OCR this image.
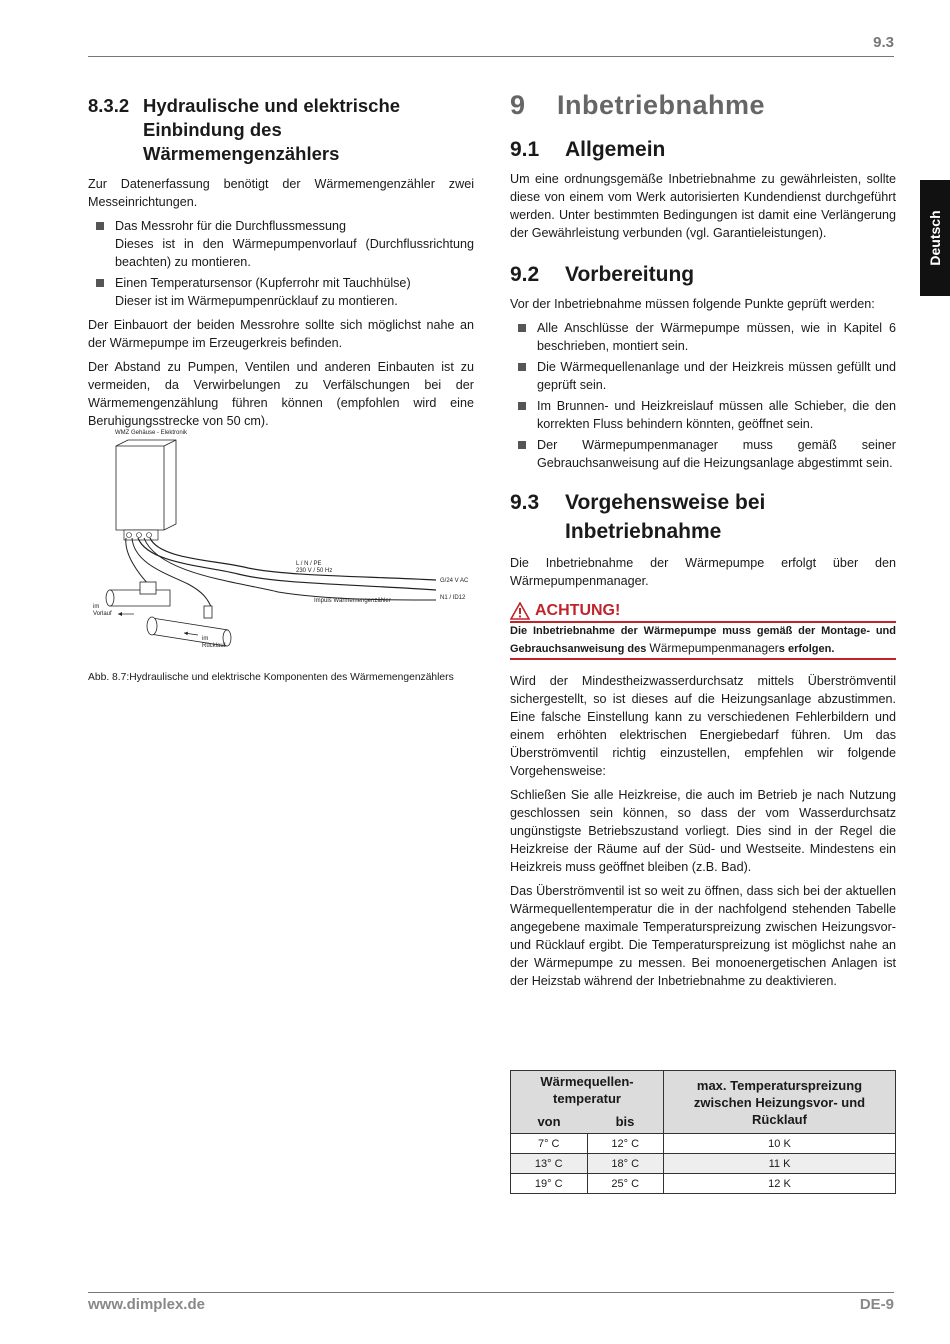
9.3
Deutsch
8.3.2 Hydraulische und elektrische Einbindung des Wärmemengenzählers

Zur Datenerfassung benötigt der Wärmemengenzähler zwei Messeinrichtungen.

Das Messrohr für die Durchflussmessung
Dieses ist in den Wärmepumpenvorlauf (Durchflussrichtung beachten) zu montieren.
Einen Temperatursensor (Kupferrohr mit Tauchhülse)
Dieser ist im Wärmepumpenrücklauf zu montieren.

Der Einbauort der beiden Messrohre sollte sich möglichst nahe an der Wärmepumpe im Erzeugerkreis befinden.

Der Abstand zu Pumpen, Ventilen und anderen Einbauten ist zu vermeiden, da Verwirbelungen zu Verfälschungen bei der Wärmemengenzählung führen können (empfohlen wird eine Beruhigungsstrecke von 50 cm).

WMZ Gehäuse - Elektronik
L / N / PE
230 V / 50 Hz
Impuls Wärmemengenzähler
G/24 V AC
N1 / ID12
im
Vorlauf
im
Rücklauf
Abb. 8.7:Hydraulische und elektrische Komponenten des Wärmemengenzählers
9 Inbetriebnahme
9.1	Allgemein

Um eine ordnungsgemäße Inbetriebnahme zu gewährleisten, sollte diese von einem vom Werk autorisierten Kundendienst durchgeführt werden. Unter bestimmten Bedingungen ist damit eine Verlängerung der Gewährleistung verbunden (vgl. Garantieleistungen).

9.2	Vorbereitung

Vor der Inbetriebnahme müssen folgende Punkte geprüft werden:

Alle Anschlüsse der Wärmepumpe müssen, wie in Kapitel 6 beschrieben, montiert sein.
Die Wärmequellenanlage und der Heizkreis müssen gefüllt und geprüft sein.
Im Brunnen- und Heizkreislauf müssen alle Schieber, die den korrekten Fluss behindern könnten, geöffnet sein.
Der Wärmepumpenmanager muss gemäß seiner Gebrauchsanweisung auf die Heizungsanlage abgestimmt sein.
9.3	Vorgehensweise bei
Inbetriebnahme

Die Inbetriebnahme der Wärmepumpe erfolgt über den Wärmepumpenmanager.

ACHTUNG!
Die Inbetriebnahme der Wärmepumpe muss gemäß der Montage- und Gebrauchsanweisung des Wärmepumpenmanagers erfolgen.

Wird der Mindestheizwasserdurchsatz mittels Überströmventil sichergestellt, so ist dieses auf die Heizungsanlage abzustimmen. Eine falsche Einstellung kann zu verschiedenen Fehlerbildern und einem erhöhten elektrischen Energiebedarf führen. Um das Überströmventil richtig einzustellen, empfehlen wir folgende Vorgehensweise:

Schließen Sie alle Heizkreise, die auch im Betrieb je nach Nutzung geschlossen sein können, so dass der vom Wasserdurchsatz ungünstigste Betriebszustand vorliegt. Dies sind in der Regel die Heizkreise der Räume auf der Süd- und Westseite. Mindestens ein Heizkreis muss geöffnet bleiben (z.B. Bad).

Das Überströmventil ist so weit zu öffnen, dass sich bei der aktuellen Wärmequellentemperatur die in der nachfolgend stehenden Tabelle angegebene maximale Temperaturspreizung zwischen Heizungsvor- und Rücklauf ergibt. Die Temperaturspreizung ist möglichst nahe an der Wärmepumpe zu messen. Bei monoenergetischen Anlagen ist der Heizstab während der Inbetriebnahme zu deaktivieren.

Wärmequellen-temperatur		max. Temperaturspreizung zwischen Heizungsvor- und Rücklauf
von	bis	
7° C	12° C	10 K
13° C	18° C	11 K
19° C	25° C	12 K
www.dimplex.de	DE-9
